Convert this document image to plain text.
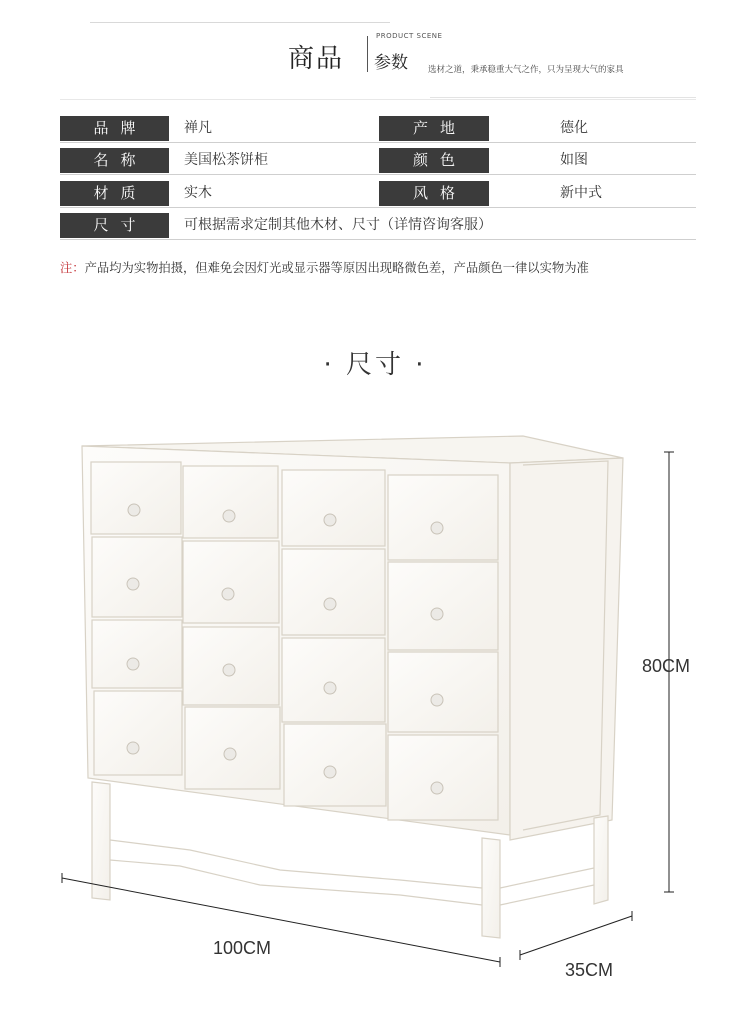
商品
PRODUCT SCENE
参数 选材之道，秉承稳重大气之作，只为呈现大气的家具
品牌	禅凡	产地	德化
名称	美国松茶饼柜	颜色	如图
材质	实木	风格	新中式
尺寸	可根据需求定制其他木材、尺寸（详情咨询客服）
注：产品均为实物拍摄，但难免会因灯光或显示器等原因出现略微色差，产品颜色一律以实物为准
· 尺寸 ·
80CM
100CM
35CM
